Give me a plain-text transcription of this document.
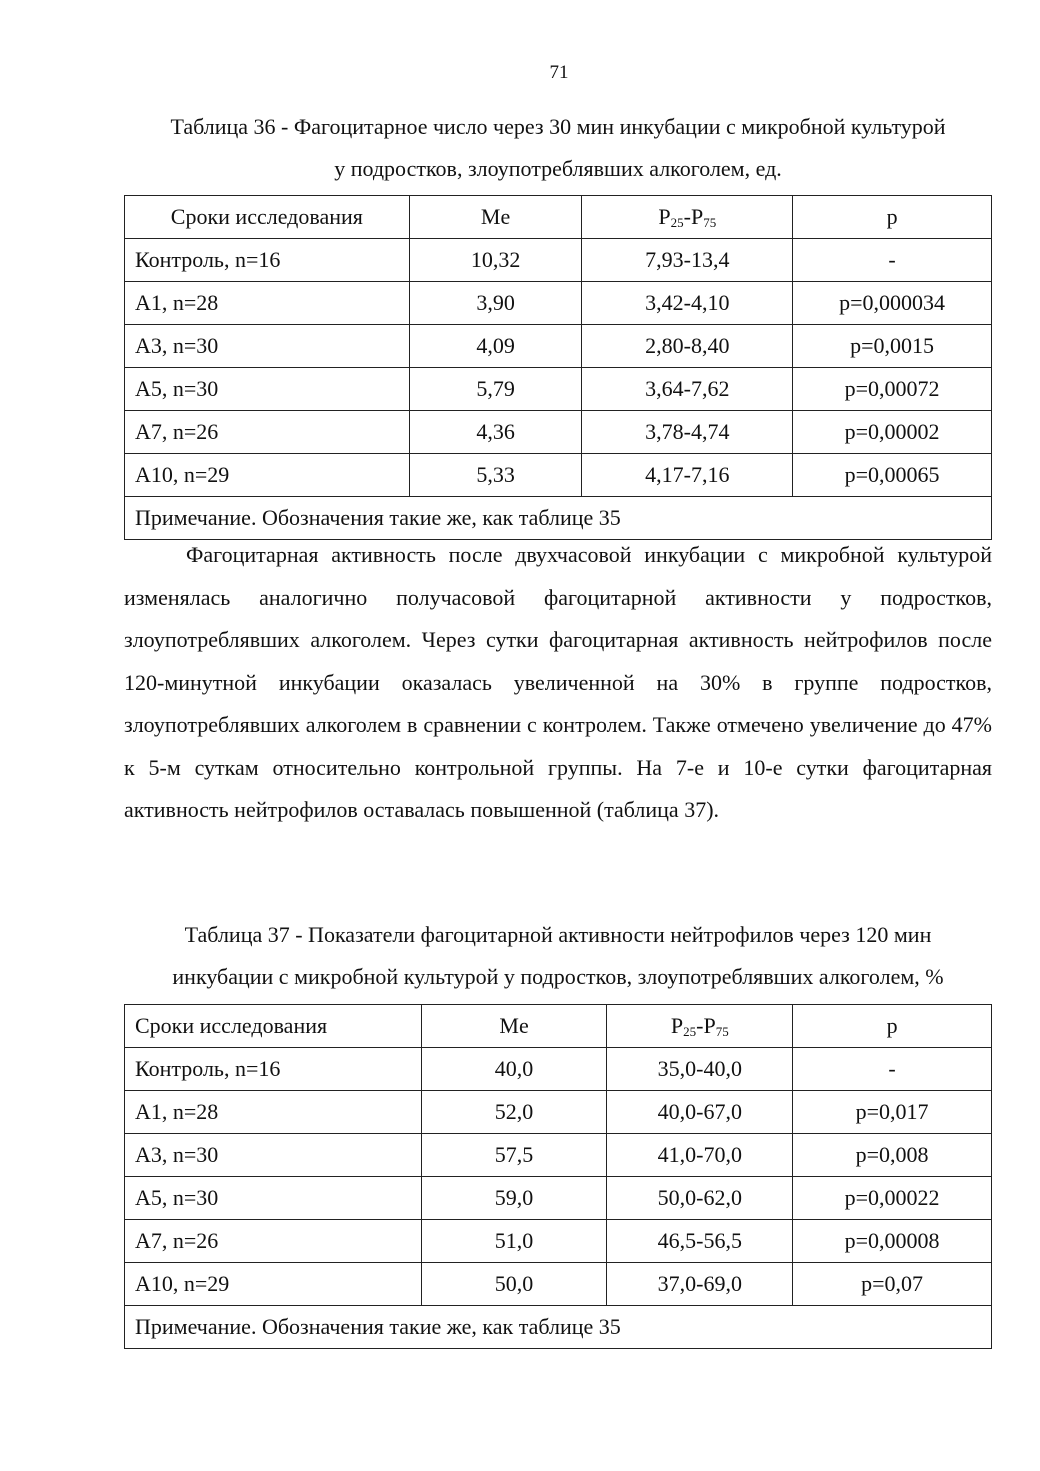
71
Таблица 36 - Фагоцитарное число через 30 мин инкубации с микробной культурой
у подростков, злоупотреблявших алкоголем, ед.
Сроки исследования	Me	$P_{25}-P_{75}$	p
Контроль, n=16	10,32	7,93-13,4	-
А1, n=28	3,90	3,42-4,10	p=0,000034
А3, n=30	4,09	2,80-8,40	p=0,0015
А5, n=30	5,79	3,64-7,62	p=0,00072
А7, n=26	4,36	3,78-4,74	p=0,00002
А10, n=29	5,33	4,17-7,16	p=0,00065
Примечание. Обозначения такие же, как таблице 35			
Фагоцитарная активность после двухчасовой инкубации с микробной культурой изменялась аналогично получасовой фагоцитарной активности у подростков, злоупотреблявших алкоголем. Через сутки фагоцитарная активность нейтрофилов после 120-минутной инкубации оказалась увеличенной на 30% в группе подростков, злоупотреблявших алкоголем в сравнении с контролем. Также отмечено увеличение до 47% к 5-м суткам относительно контрольной группы. На 7-е и 10-е сутки фагоцитарная активность нейтрофилов оставалась повышенной (таблица 37).
Таблица 37 - Показатели фагоцитарной активности нейтрофилов через 120 мин
инкубации с микробной культурой у подростков, злоупотреблявших алкоголем, %
Сроки исследования	Me	$P_{25}-P_{75}$	p
Контроль, n=16	40,0	35,0-40,0	-
А1, n=28	52,0	40,0-67,0	p=0,017
А3, n=30	57,5	41,0-70,0	p=0,008
А5, n=30	59,0	50,0-62,0	p=0,00022
А7, n=26	51,0	46,5-56,5	p=0,00008
А10, n=29	50,0	37,0-69,0	p=0,07
Примечание. Обозначения такие же, как таблице 35			
